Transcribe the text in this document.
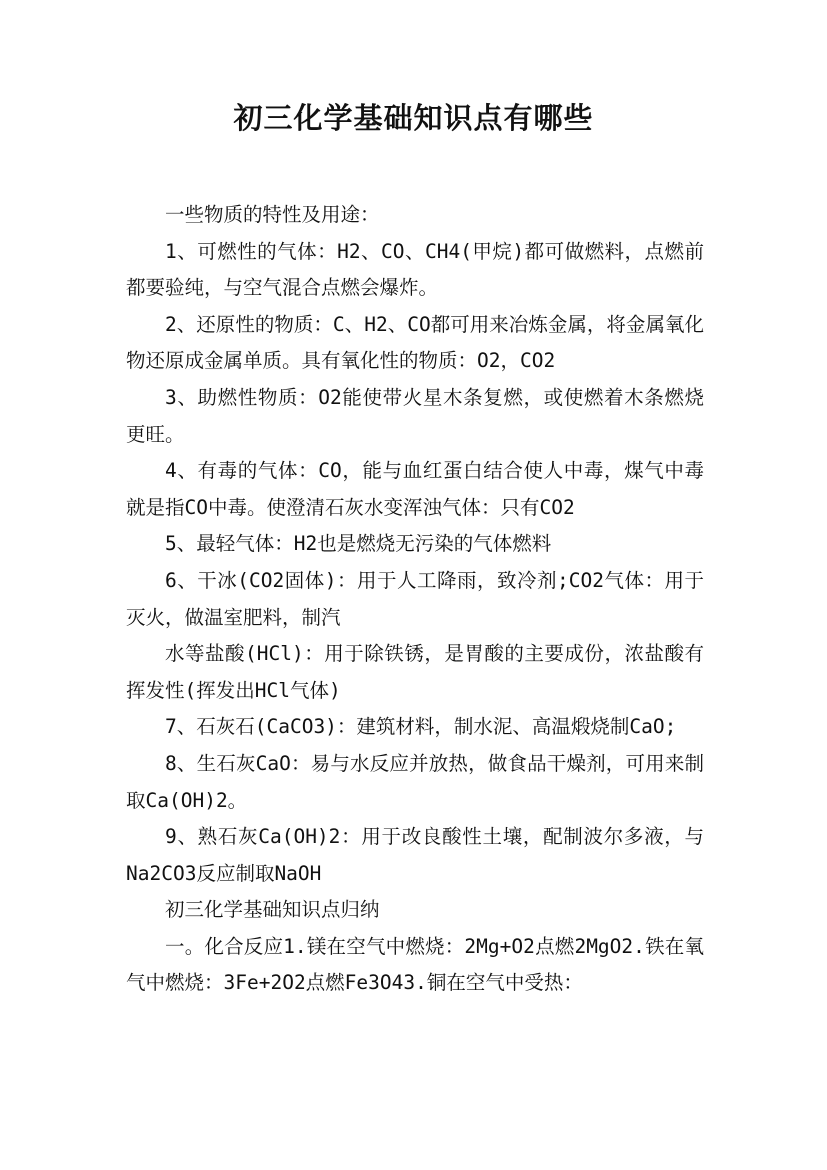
初三化学基础知识点有哪些

一些物质的特性及用途：

1、可燃性的气体：H2、CO、CH4(甲烷)都可做燃料，点燃前都要验纯，与空气混合点燃会爆炸。

2、还原性的物质：C、H2、CO都可用来冶炼金属，将金属氧化物还原成金属单质。具有氧化性的物质：O2，CO2

3、助燃性物质：O2能使带火星木条复燃，或使燃着木条燃烧更旺。

4、有毒的气体：CO，能与血红蛋白结合使人中毒，煤气中毒就是指CO中毒。使澄清石灰水变浑浊气体：只有CO2

5、最轻气体：H2也是燃烧无污染的气体燃料

6、干冰(CO2固体)：用于人工降雨，致冷剂;CO2气体：用于灭火，做温室肥料，制汽

水等盐酸(HCl)：用于除铁锈，是胃酸的主要成份，浓盐酸有挥发性(挥发出HCl气体)

7、石灰石(CaCO3)：建筑材料，制水泥、高温煅烧制CaO;

8、生石灰CaO：易与水反应并放热，做食品干燥剂，可用来制取Ca(OH)2。

9、熟石灰Ca(OH)2：用于改良酸性土壤，配制波尔多液，与Na2CO3反应制取NaOH

初三化学基础知识点归纳

一。化合反应1.镁在空气中燃烧：2Mg+O2点燃2MgO2.铁在氧气中燃烧：3Fe+2O2点燃Fe3O43.铜在空气中受热：
